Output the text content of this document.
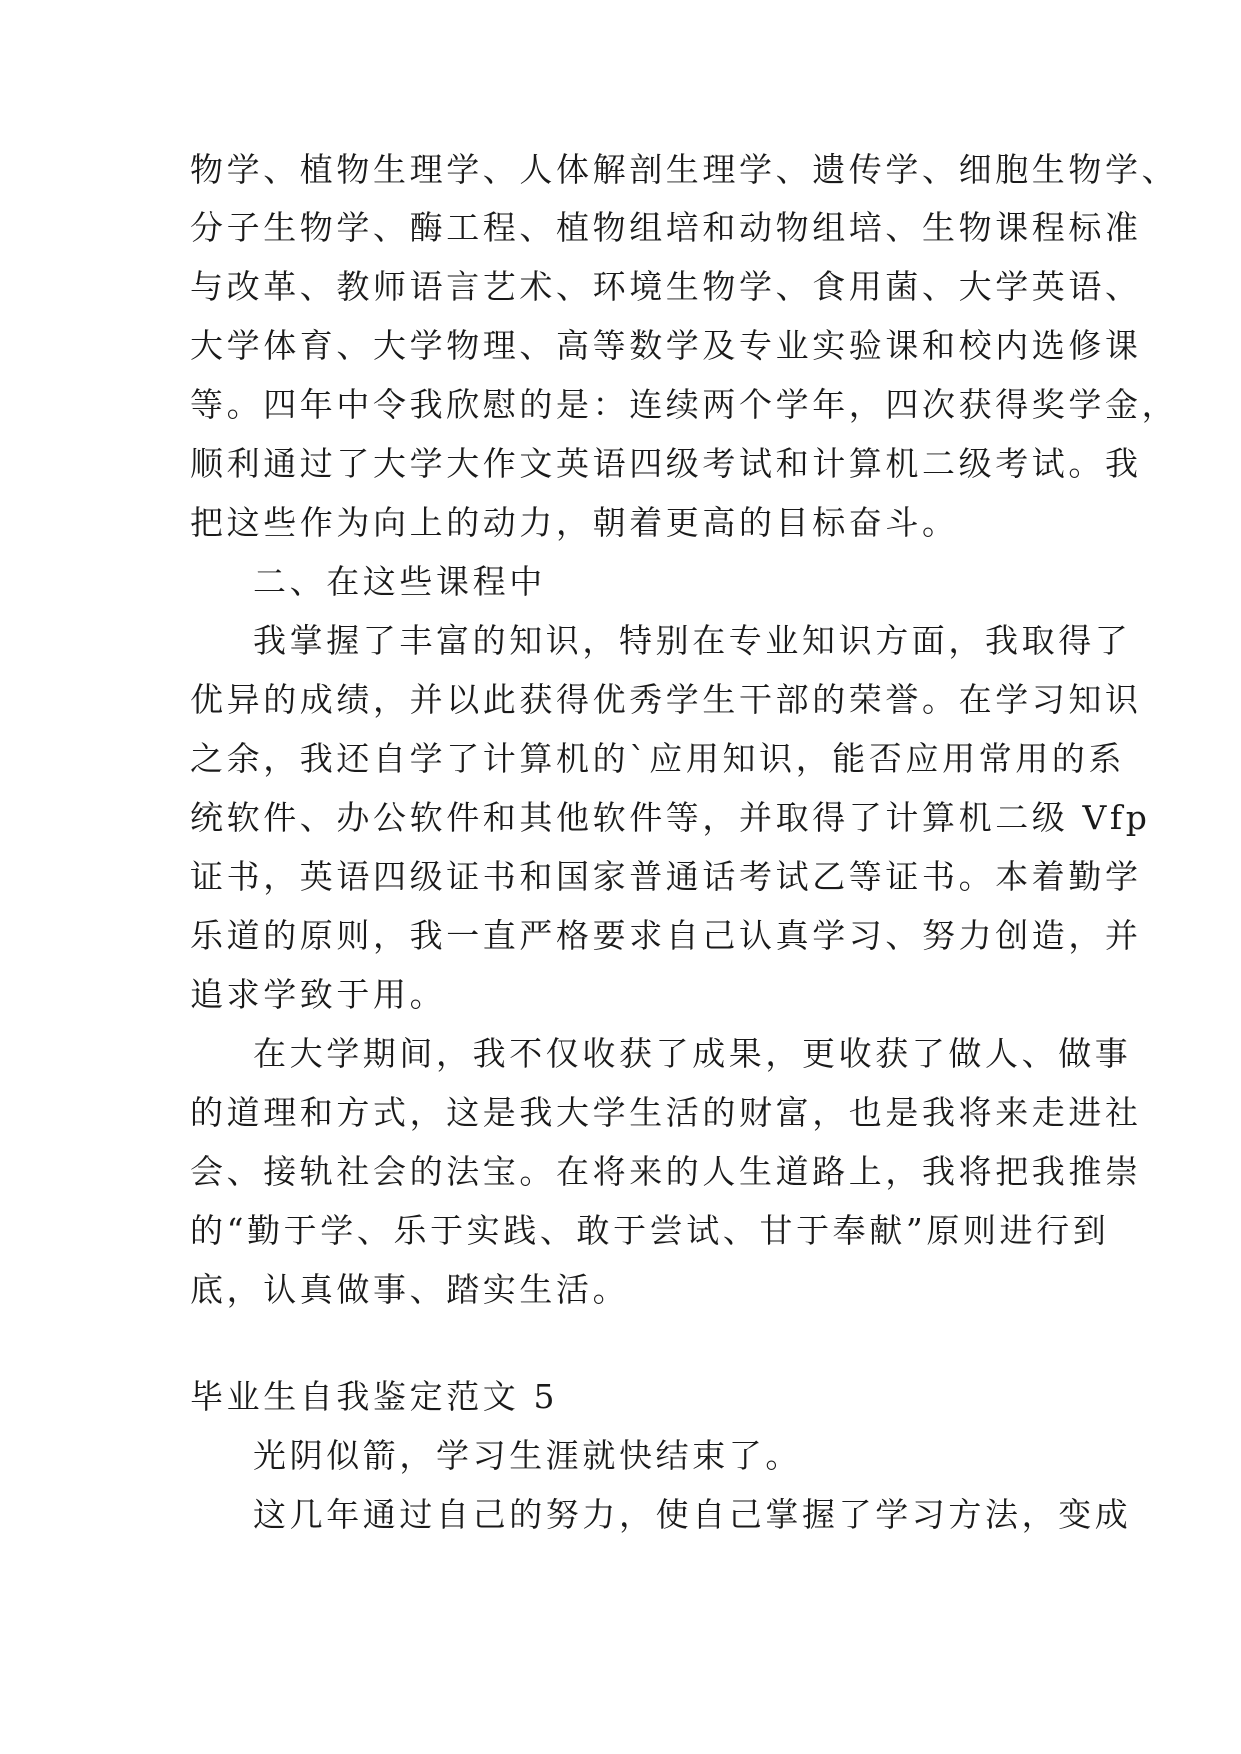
物学、植物生理学、人体解剖生理学、遗传学、细胞生物学、
分子生物学、酶工程、植物组培和动物组培、生物课程标准
与改革、教师语言艺术、环境生物学、食用菌、大学英语、
大学体育、大学物理、高等数学及专业实验课和校内选修课
等。四年中令我欣慰的是：连续两个学年，四次获得奖学金，
顺利通过了大学大作文英语四级考试和计算机二级考试。我
把这些作为向上的动力，朝着更高的目标奋斗。
二、在这些课程中
我掌握了丰富的知识，特别在专业知识方面，我取得了
优异的成绩，并以此获得优秀学生干部的荣誉。在学习知识
之余，我还自学了计算机的`应用知识，能否应用常用的系
统软件、办公软件和其他软件等，并取得了计算机二级 Vfp
证书，英语四级证书和国家普通话考试乙等证书。本着勤学
乐道的原则，我一直严格要求自己认真学习、努力创造，并
追求学致于用。
在大学期间，我不仅收获了成果，更收获了做人、做事
的道理和方式，这是我大学生活的财富，也是我将来走进社
会、接轨社会的法宝。在将来的人生道路上，我将把我推崇
的“勤于学、乐于实践、敢于尝试、甘于奉献”原则进行到
底，认真做事、踏实生活。
毕业生自我鉴定范文 5
光阴似箭，学习生涯就快结束了。
这几年通过自己的努力，使自己掌握了学习方法，变成
